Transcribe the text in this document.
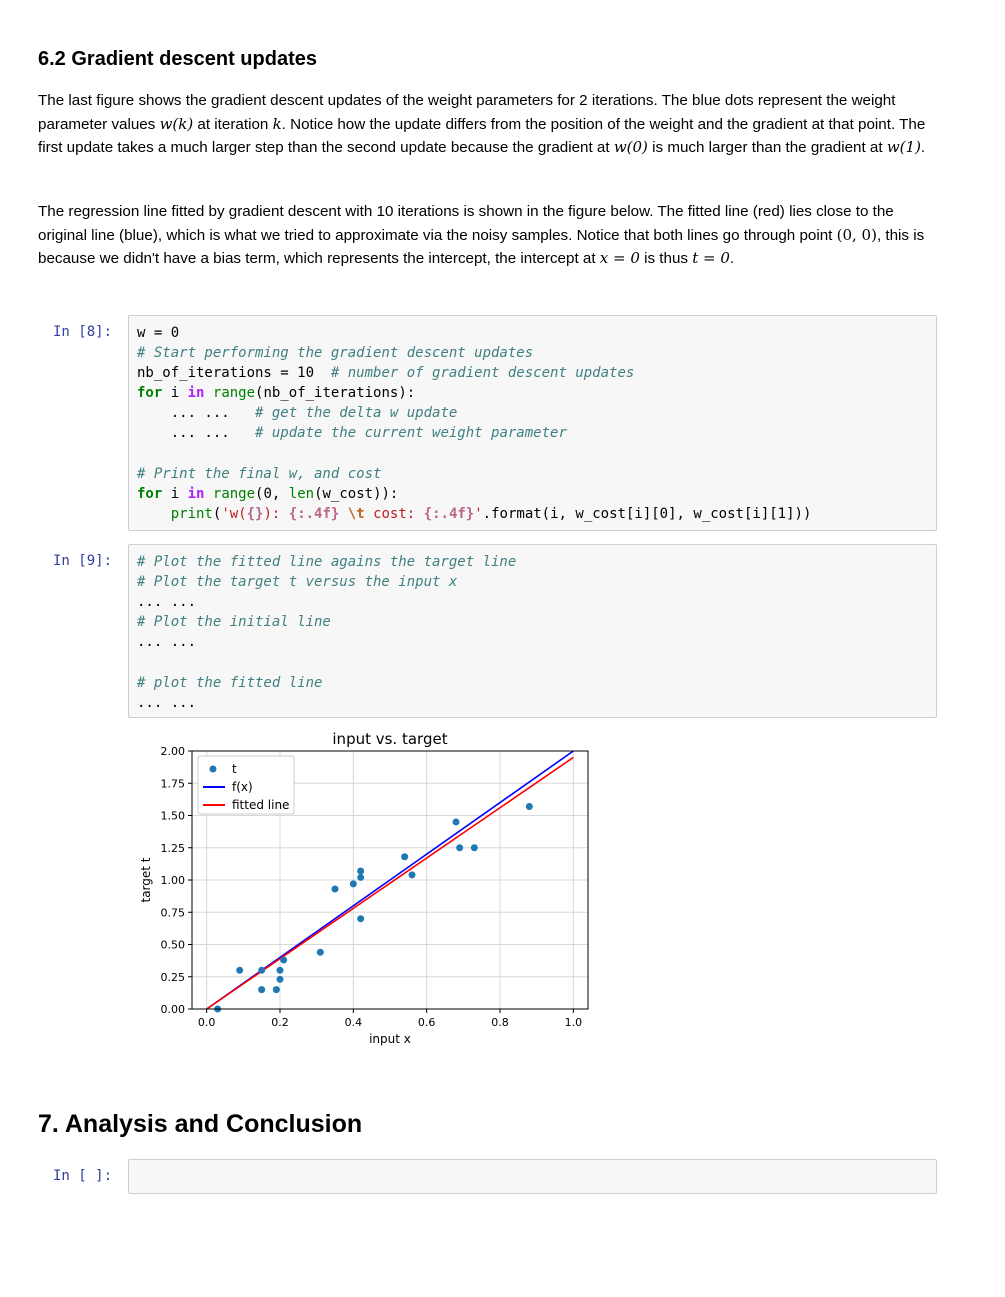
6.2 Gradient descent updates

The last figure shows the gradient descent updates of the weight parameters for 2 iterations. The blue dots represent the weight parameter values w(k) at iteration k. Notice how the update differs from the position of the weight and the gradient at that point. The first update takes a much larger step than the second update because the gradient at w(0) is much larger than the gradient at w(1).

The regression line fitted by gradient descent with 10 iterations is shown in the figure below. The fitted line (red) lies close to the original line (blue), which is what we tried to approximate via the noisy samples. Notice that both lines go through point (0, 0), this is because we didn't have a bias term, which represents the intercept, the intercept at x = 0 is thus t = 0.

In [8]: w = 0
# Start performing the gradient descent updates
nb_of_iterations = 10  # number of gradient descent updates
for i in range(nb_of_iterations):
... ...   # get the delta w update
... ...   # update the current weight parameter

# Print the final w, and cost
for i in range(0, len(w_cost)):
print('w({}): {:.4f} \t cost: {:.4f}'.format(i, w_cost[i][0], w_cost[i][1]))
In [9]: # Plot the fitted line agains the target line
# Plot the target t versus the input x
... ...
# Plot the initial line
... ...

# plot the fitted line
... ...
0.0	0.2	0.4	0.6	0.8	1.0
0.00
0.25
0.50
0.75
1.00
1.25
1.50
1.75
2.00
input vs. target
input x
target t
t
f(x)
fitted line
7. Analysis and Conclusion
In [ ]:
